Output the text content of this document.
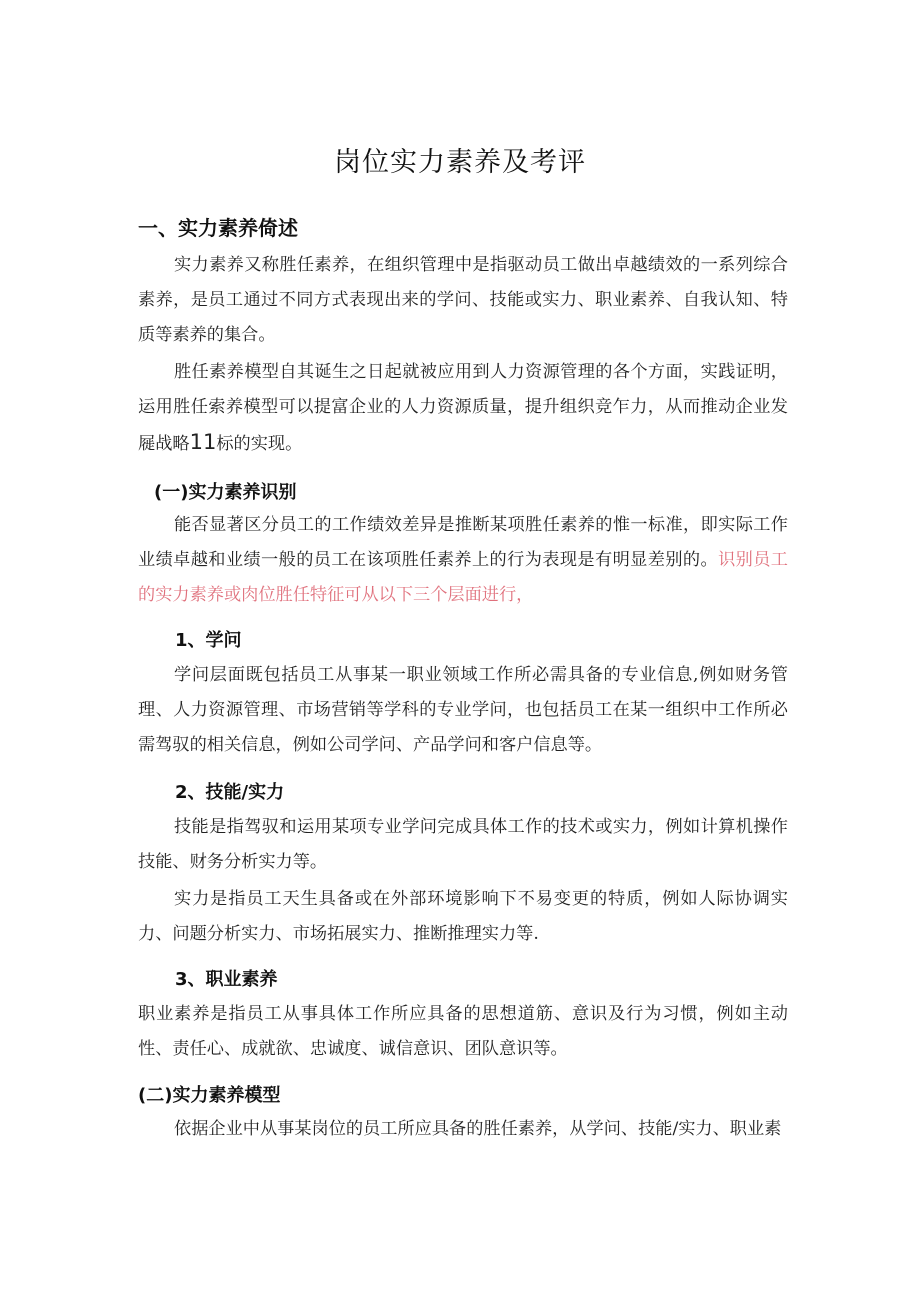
岗位实力素养及考评
一、实力素养倚述

实力素养又称胜任素养，在组织管理中是指驱动员工做出卓越绩效的一系列综合素养，是员工通过不同方式表现出来的学问、技能或实力、职业素养、自我认知、特质等素养的集合。

胜任素养模型自其诞生之日起就被应用到人力资源管理的各个方面，实践证明，运用胜任索养模型可以提富企业的人力资源质量，提升组织竞乍力，从而推动企业发屣战略11标的实现。

(一)实力素养识别

能否显著区分员工的工作绩效差异是推断某项胜任素养的惟一标准，即实际工作业绩卓越和业绩一般的员工在该项胜任素养上的行为表现是有明显差别的。识别员工的实力素养或肉位胜任特征可从以下三个层面进行，

1、学问

学问层面既包括员工从事某一职业领域工作所必需具备的专业信息,例如财务管理、人力资源管理、市场营销等学科的专业学问，也包括员工在某一组织中工作所必需驾驭的相关信息，例如公司学问、产品学问和客户信息等。

2、技能/实力

技能是指驾驭和运用某项专业学问完成具体工作的技术或实力，例如计算机操作技能、财务分析实力等。

实力是指员工天生具备或在外部环境影响下不易变更的特质，例如人际协调实力、问题分析实力、市场拓展实力、推断推理实力等.

3、职业素养

职业素养是指员工从事具体工作所应具备的思想道筋、意识及行为习惯，例如主动性、责任心、成就欲、忠诚度、诚信意识、团队意识等。

(二)实力素养模型

依据企业中从事某岗位的员工所应具备的胜任素养，从学问、技能/实力、职业素
